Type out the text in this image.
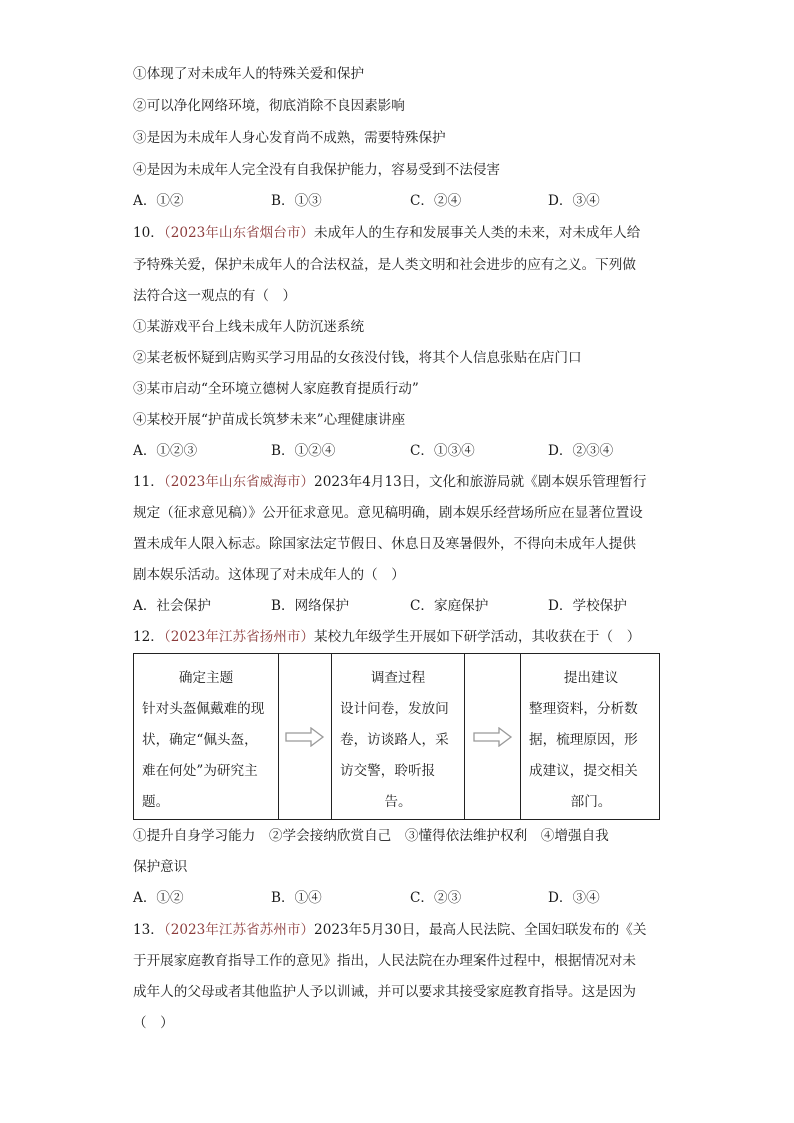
①体现了对未成年人的特殊关爱和保护
②可以净化网络环境，彻底消除不良因素影响
③是因为未成年人身心发育尚不成熟，需要特殊保护
④是因为未成年人完全没有自我保护能力，容易受到不法侵害
A．①②	B．①③	C．②④	D．③④
10．（2023年山东省烟台市）未成年人的生存和发展事关人类的未来，对未成年人给
予特殊关爱，保护未成年人的合法权益，是人类文明和社会进步的应有之义。下列做
法符合这一观点的有（　）
①某游戏平台上线未成年人防沉迷系统
②某老板怀疑到店购买学习用品的女孩没付钱，将其个人信息张贴在店门口
③某市启动“全环境立德树人家庭教育提质行动”
④某校开展“护苗成长筑梦未来”心理健康讲座
A．①②③	B．①②④	C．①③④	D．②③④
11．（2023年山东省威海市）2023年4月13日，文化和旅游局就《剧本娱乐管理暂行
规定（征求意见稿）》公开征求意见。意见稿明确，剧本娱乐经营场所应在显著位置设
置未成年人限入标志。除国家法定节假日、休息日及寒暑假外，不得向未成年人提供
剧本娱乐活动。这体现了对未成年人的（　）
A．社会保护	B．网络保护	C．家庭保护	D．学校保护
12．（2023年江苏省扬州市）某校九年级学生开展如下研学活动，其收获在于（　）
确定主题
针对头盔佩戴难的现
状，确定“佩头盔，
难在何处”为研究主
题。
调查过程
设计问卷，发放问
卷，访谈路人，采
访交警，聆听报
告。
提出建议
整理资料，分析数
据，梳理原因，形
成建议，提交相关
部门。
①提升自身学习能力　②学会接纳欣赏自己　③懂得依法维护权利　④增强自我
保护意识
A．①②	B．①④	C．②③	D．③④
13．（2023年江苏省苏州市）2023年5月30日，最高人民法院、全国妇联发布的《关
于开展家庭教育指导工作的意见》指出，人民法院在办理案件过程中，根据情况对未
成年人的父母或者其他监护人予以训诫，并可以要求其接受家庭教育指导。这是因为
（　）
